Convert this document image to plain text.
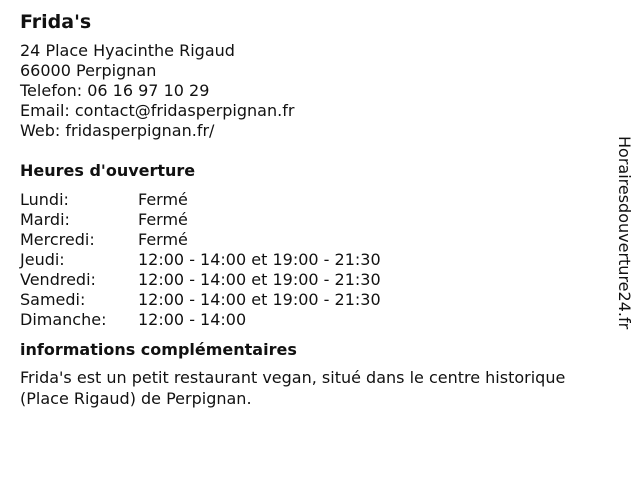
Frida's
24 Place Hyacinthe Rigaud
66000 Perpignan
Telefon: 06 16 97 10 29
Email: contact@fridasperpignan.fr
Web: fridasperpignan.fr/
Heures d'ouverture
Lundi:	Fermé
Mardi:	Fermé
Mercredi:	Fermé
Jeudi:	12:00 - 14:00 et 19:00 - 21:30
Vendredi:	12:00 - 14:00 et 19:00 - 21:30
Samedi:	12:00 - 14:00 et 19:00 - 21:30
Dimanche:	12:00 - 14:00
informations complémentaires
Frida's est un petit restaurant vegan, situé dans le centre historique (Place Rigaud) de Perpignan.
Horairesdouverture24.fr
